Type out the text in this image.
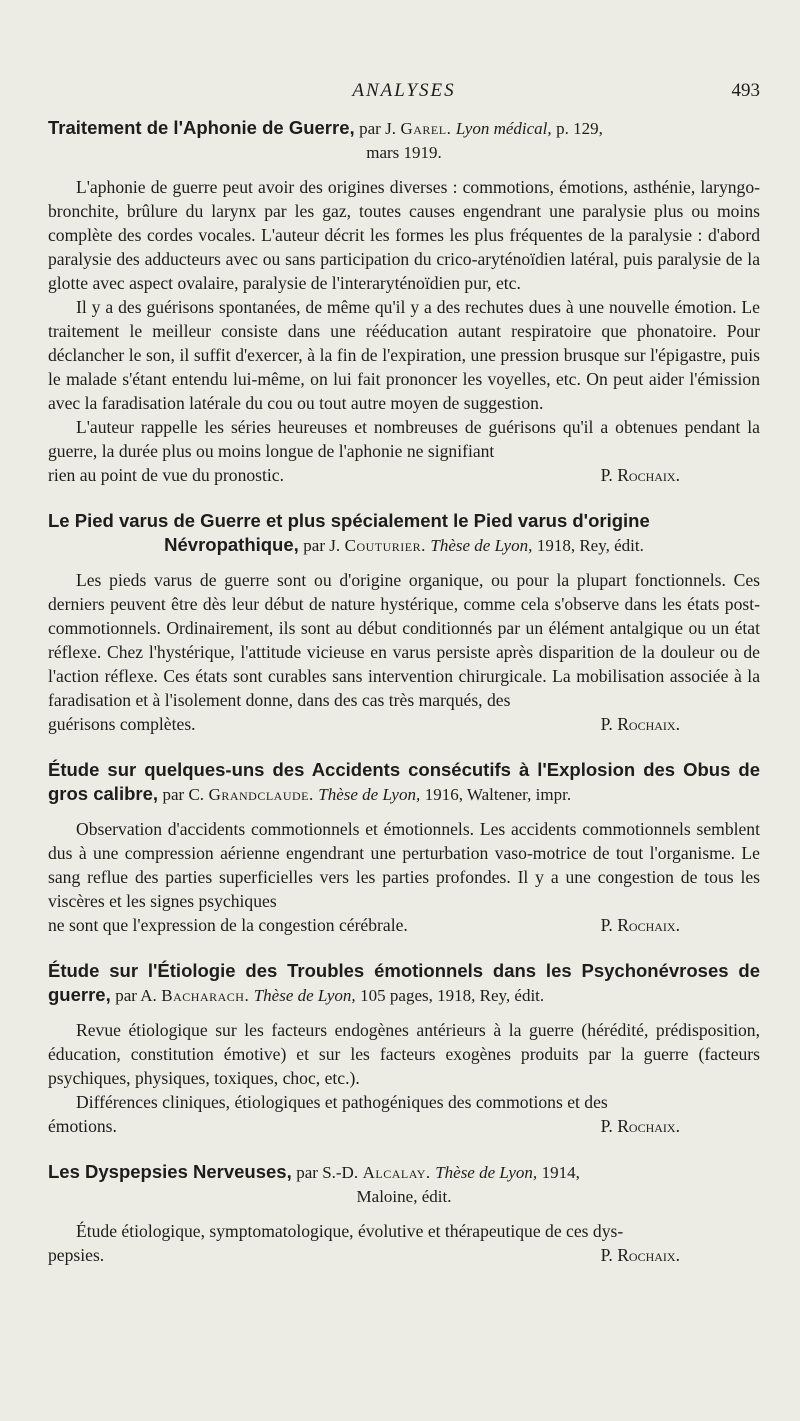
ANALYSES	493
Traitement de l'Aphonie de Guerre, par J. Garel. Lyon médical, p. 129,
mars 1919.

L'aphonie de guerre peut avoir des origines diverses : commotions, émotions, asthénie, laryngo-bronchite, brûlure du larynx par les gaz, toutes causes engendrant une paralysie plus ou moins complète des cordes vocales. L'auteur décrit les formes les plus fréquentes de la paralysie : d'abord paralysie des adducteurs avec ou sans participation du crico-aryténoïdien latéral, puis paralysie de la glotte avec aspect ovalaire, paralysie de l'interaryténoïdien pur, etc.

Il y a des guérisons spontanées, de même qu'il y a des rechutes dues à une nouvelle émotion. Le traitement le meilleur consiste dans une rééducation autant respiratoire que phonatoire. Pour déclancher le son, il suffit d'exercer, à la fin de l'expiration, une pression brusque sur l'épigastre, puis le malade s'étant entendu lui-même, on lui fait prononcer les voyelles, etc. On peut aider l'émission avec la faradisation latérale du cou ou tout autre moyen de suggestion.

L'auteur rappelle les séries heureuses et nombreuses de guérisons qu'il a obtenues pendant la guerre, la durée plus ou moins longue de l'aphonie ne signifiant

rien au point de vue du pronostic.	P. Rochaix.
Le Pied varus de Guerre et plus spécialement le Pied varus d'origine
Névropathique, par J. Couturier. Thèse de Lyon, 1918, Rey, édit.

Les pieds varus de guerre sont ou d'origine organique, ou pour la plupart fonctionnels. Ces derniers peuvent être dès leur début de nature hystérique, comme cela s'observe dans les états post-commotionnels. Ordinairement, ils sont au début conditionnés par un élément antalgique ou un état réflexe. Chez l'hystérique, l'attitude vicieuse en varus persiste après disparition de la douleur ou de l'action réflexe. Ces états sont curables sans intervention chirurgicale. La mobilisation associée à la faradisation et à l'isolement donne, dans des cas très marqués, des

guérisons complètes.	P. Rochaix.
Étude sur quelques-uns des Accidents consécutifs à l'Explosion des Obus de gros calibre, par C. Grandclaude. Thèse de Lyon, 1916, Waltener, impr.

Observation d'accidents commotionnels et émotionnels. Les accidents commotionnels semblent dus à une compression aérienne engendrant une perturbation vaso-motrice de tout l'organisme. Le sang reflue des parties superficielles vers les parties profondes. Il y a une congestion de tous les viscères et les signes psychiques

ne sont que l'expression de la congestion cérébrale.	P. Rochaix.
Étude sur l'Étiologie des Troubles émotionnels dans les Psychonévroses de guerre, par A. Bacharach. Thèse de Lyon, 105 pages, 1918, Rey, édit.

Revue étiologique sur les facteurs endogènes antérieurs à la guerre (hérédité, prédisposition, éducation, constitution émotive) et sur les facteurs exogènes produits par la guerre (facteurs psychiques, physiques, toxiques, choc, etc.).

Différences cliniques, étiologiques et pathogéniques des commotions et des

émotions.	P. Rochaix.
Les Dyspepsies Nerveuses, par S.-D. Alcalay. Thèse de Lyon, 1914,
Maloine, édit.

Étude étiologique, symptomatologique, évolutive et thérapeutique de ces dys-

pepsies.	P. Rochaix.
